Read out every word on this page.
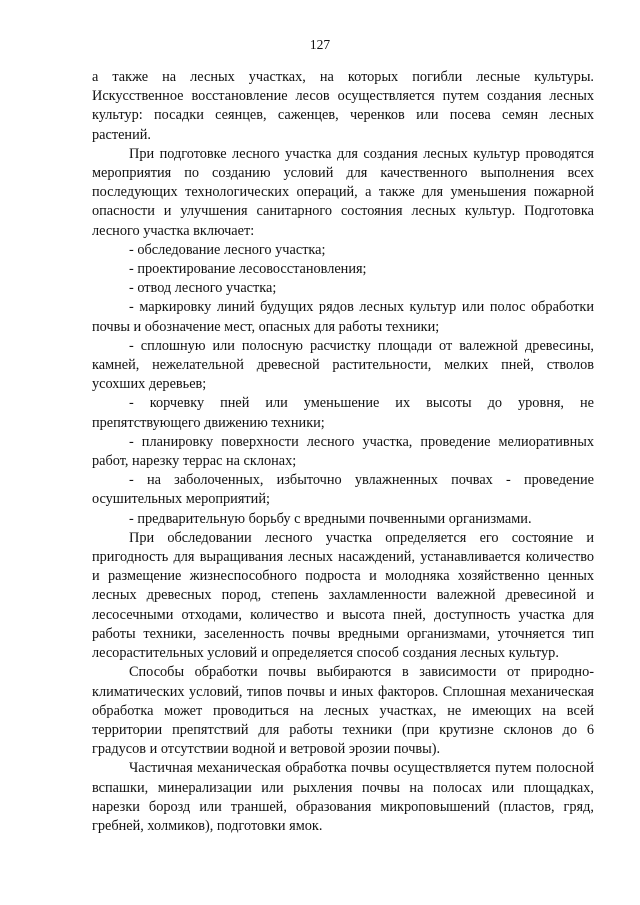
127

а также на лесных участках, на которых погибли лесные культуры. Искусственное восстановление лесов осуществляется путем создания лесных культур: посадки сеянцев, саженцев, черенков или посева семян лесных растений.

При подготовке лесного участка для создания лесных культур проводятся мероприятия по созданию условий для качественного выполнения всех последующих технологических операций, а также для уменьшения пожарной опасности и улучшения санитарного состояния лесных культур. Подготовка лесного участка включает:

- обследование лесного участка;

- проектирование лесовосстановления;

- отвод лесного участка;

- маркировку линий будущих рядов лесных культур или полос обработки почвы и обозначение мест, опасных для работы техники;

- сплошную или полосную расчистку площади от валежной древесины, камней, нежелательной древесной растительности, мелких пней, стволов усохших деревьев;

- корчевку пней или уменьшение их высоты до уровня, не препятствующего движению техники;

- планировку поверхности лесного участка, проведение мелиоративных работ, нарезку террас на склонах;

- на заболоченных, избыточно увлажненных почвах - проведение осушительных мероприятий;

- предварительную борьбу с вредными почвенными организмами.

При обследовании лесного участка определяется его состояние и пригодность для выращивания лесных насаждений, устанавливается количество и размещение жизнеспособного подроста и молодняка хозяйственно ценных лесных древесных пород, степень захламленности валежной древесиной и лесосечными отходами, количество и высота пней, доступность участка для работы техники, заселенность почвы вредными организмами, уточняется тип лесорастительных условий и определяется способ создания лесных культур.

Способы обработки почвы выбираются в зависимости от природно-климатических условий, типов почвы и иных факторов. Сплошная механическая обработка может проводиться на лесных участках, не имеющих на всей территории препятствий для работы техники (при крутизне склонов до 6 градусов и отсутствии водной и ветровой эрозии почвы).

Частичная механическая обработка почвы осуществляется путем полосной вспашки, минерализации или рыхления почвы на полосах или площадках, нарезки борозд или траншей, образования микроповышений (пластов, гряд, гребней, холмиков), подготовки ямок.
